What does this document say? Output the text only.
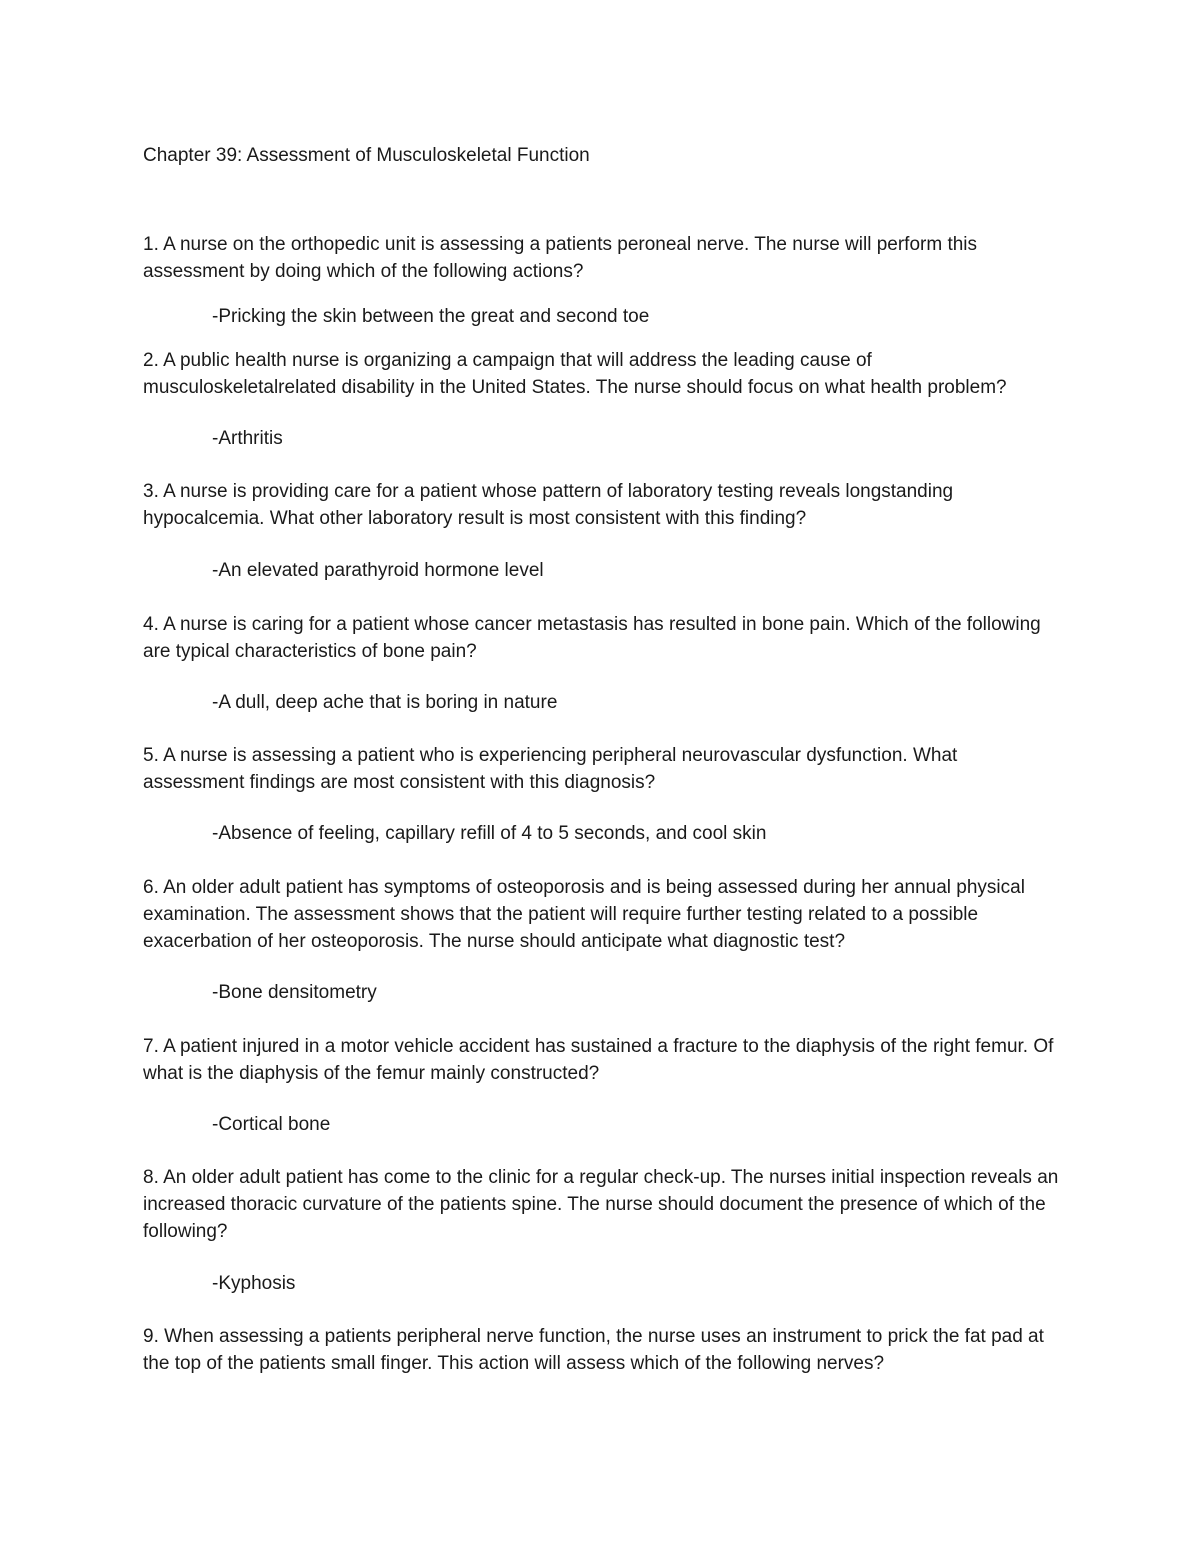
Chapter 39: Assessment of Musculoskeletal Function
1. A nurse on the orthopedic unit is assessing a patients peroneal nerve. The nurse will perform this assessment by doing which of the following actions?
-Pricking the skin between the great and second toe
2. A public health nurse is organizing a campaign that will address the leading cause of musculoskeletalrelated disability in the United States. The nurse should focus on what health problem?
-Arthritis
3. A nurse is providing care for a patient whose pattern of laboratory testing reveals longstanding hypocalcemia. What other laboratory result is most consistent with this finding?
-An elevated parathyroid hormone level
4. A nurse is caring for a patient whose cancer metastasis has resulted in bone pain. Which of the following are typical characteristics of bone pain?
-A dull, deep ache that is boring in nature
5. A nurse is assessing a patient who is experiencing peripheral neurovascular dysfunction. What assessment findings are most consistent with this diagnosis?
-Absence of feeling, capillary refill of 4 to 5 seconds, and cool skin
6. An older adult patient has symptoms of osteoporosis and is being assessed during her annual physical examination. The assessment shows that the patient will require further testing related to a possible exacerbation of her osteoporosis. The nurse should anticipate what diagnostic test?
-Bone densitometry
7. A patient injured in a motor vehicle accident has sustained a fracture to the diaphysis of the right femur. Of what is the diaphysis of the femur mainly constructed?
-Cortical bone
8. An older adult patient has come to the clinic for a regular check-up. The nurses initial inspection reveals an increased thoracic curvature of the patients spine. The nurse should document the presence of which of the following?
-Kyphosis
9. When assessing a patients peripheral nerve function, the nurse uses an instrument to prick the fat pad at the top of the patients small finger. This action will assess which of the following nerves?
